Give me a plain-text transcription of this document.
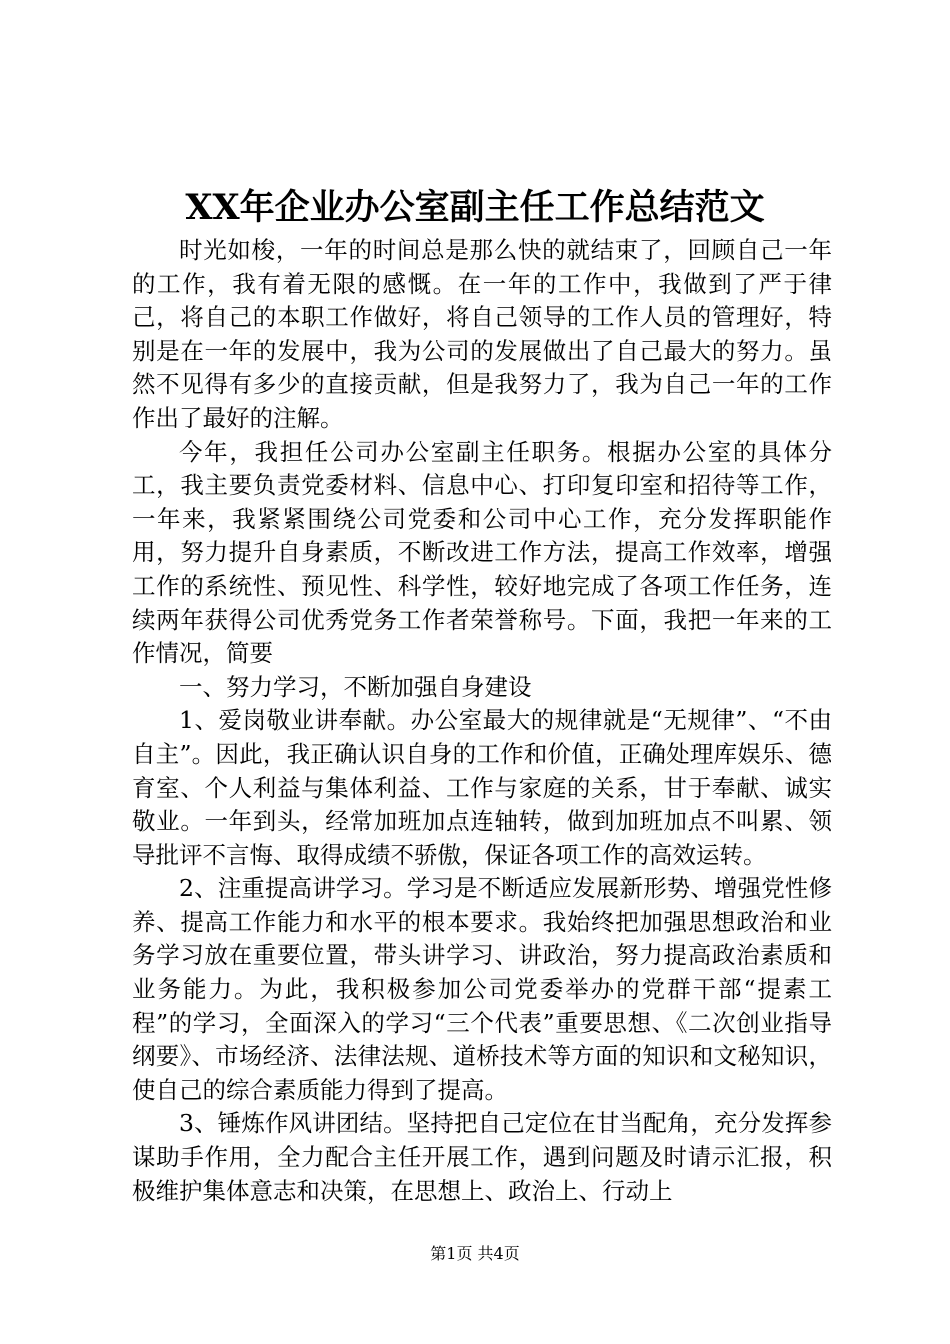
XX年企业办公室副主任工作总结范文

时光如梭，一年的时间总是那么快的就结束了，回顾自己一年的工作，我有着无限的感慨。在一年的工作中，我做到了严于律己，将自己的本职工作做好，将自己领导的工作人员的管理好，特别是在一年的发展中，我为公司的发展做出了自己最大的努力。虽然不见得有多少的直接贡献，但是我努力了，我为自己一年的工作作出了最好的注解。

今年，我担任公司办公室副主任职务。根据办公室的具体分工，我主要负责党委材料、信息中心、打印复印室和招待等工作，一年来，我紧紧围绕公司党委和公司中心工作，充分发挥职能作用，努力提升自身素质，不断改进工作方法，提高工作效率，增强工作的系统性、预见性、科学性，较好地完成了各项工作任务，连续两年获得公司优秀党务工作者荣誉称号。下面，我把一年来的工作情况，简要

一、努力学习，不断加强自身建设

1、爱岗敬业讲奉献。办公室最大的规律就是“无规律”、“不由自主”。因此，我正确认识自身的工作和价值，正确处理库娱乐、德育室、个人利益与集体利益、工作与家庭的关系，甘于奉献、诚实敬业。一年到头，经常加班加点连轴转，做到加班加点不叫累、领导批评不言悔、取得成绩不骄傲，保证各项工作的高效运转。

2、注重提高讲学习。学习是不断适应发展新形势、增强党性修养、提高工作能力和水平的根本要求。我始终把加强思想政治和业务学习放在重要位置，带头讲学习、讲政治，努力提高政治素质和业务能力。为此，我积极参加公司党委举办的党群干部“提素工程”的学习，全面深入的学习“三个代表”重要思想、《二次创业指导纲要》、市场经济、法律法规、道桥技术等方面的知识和文秘知识，使自己的综合素质能力得到了提高。

3、锤炼作风讲团结。坚持把自己定位在甘当配角，充分发挥参谋助手作用，全力配合主任开展工作，遇到问题及时请示汇报，积极维护集体意志和决策，在思想上、政治上、行动上

第1页 共4页
